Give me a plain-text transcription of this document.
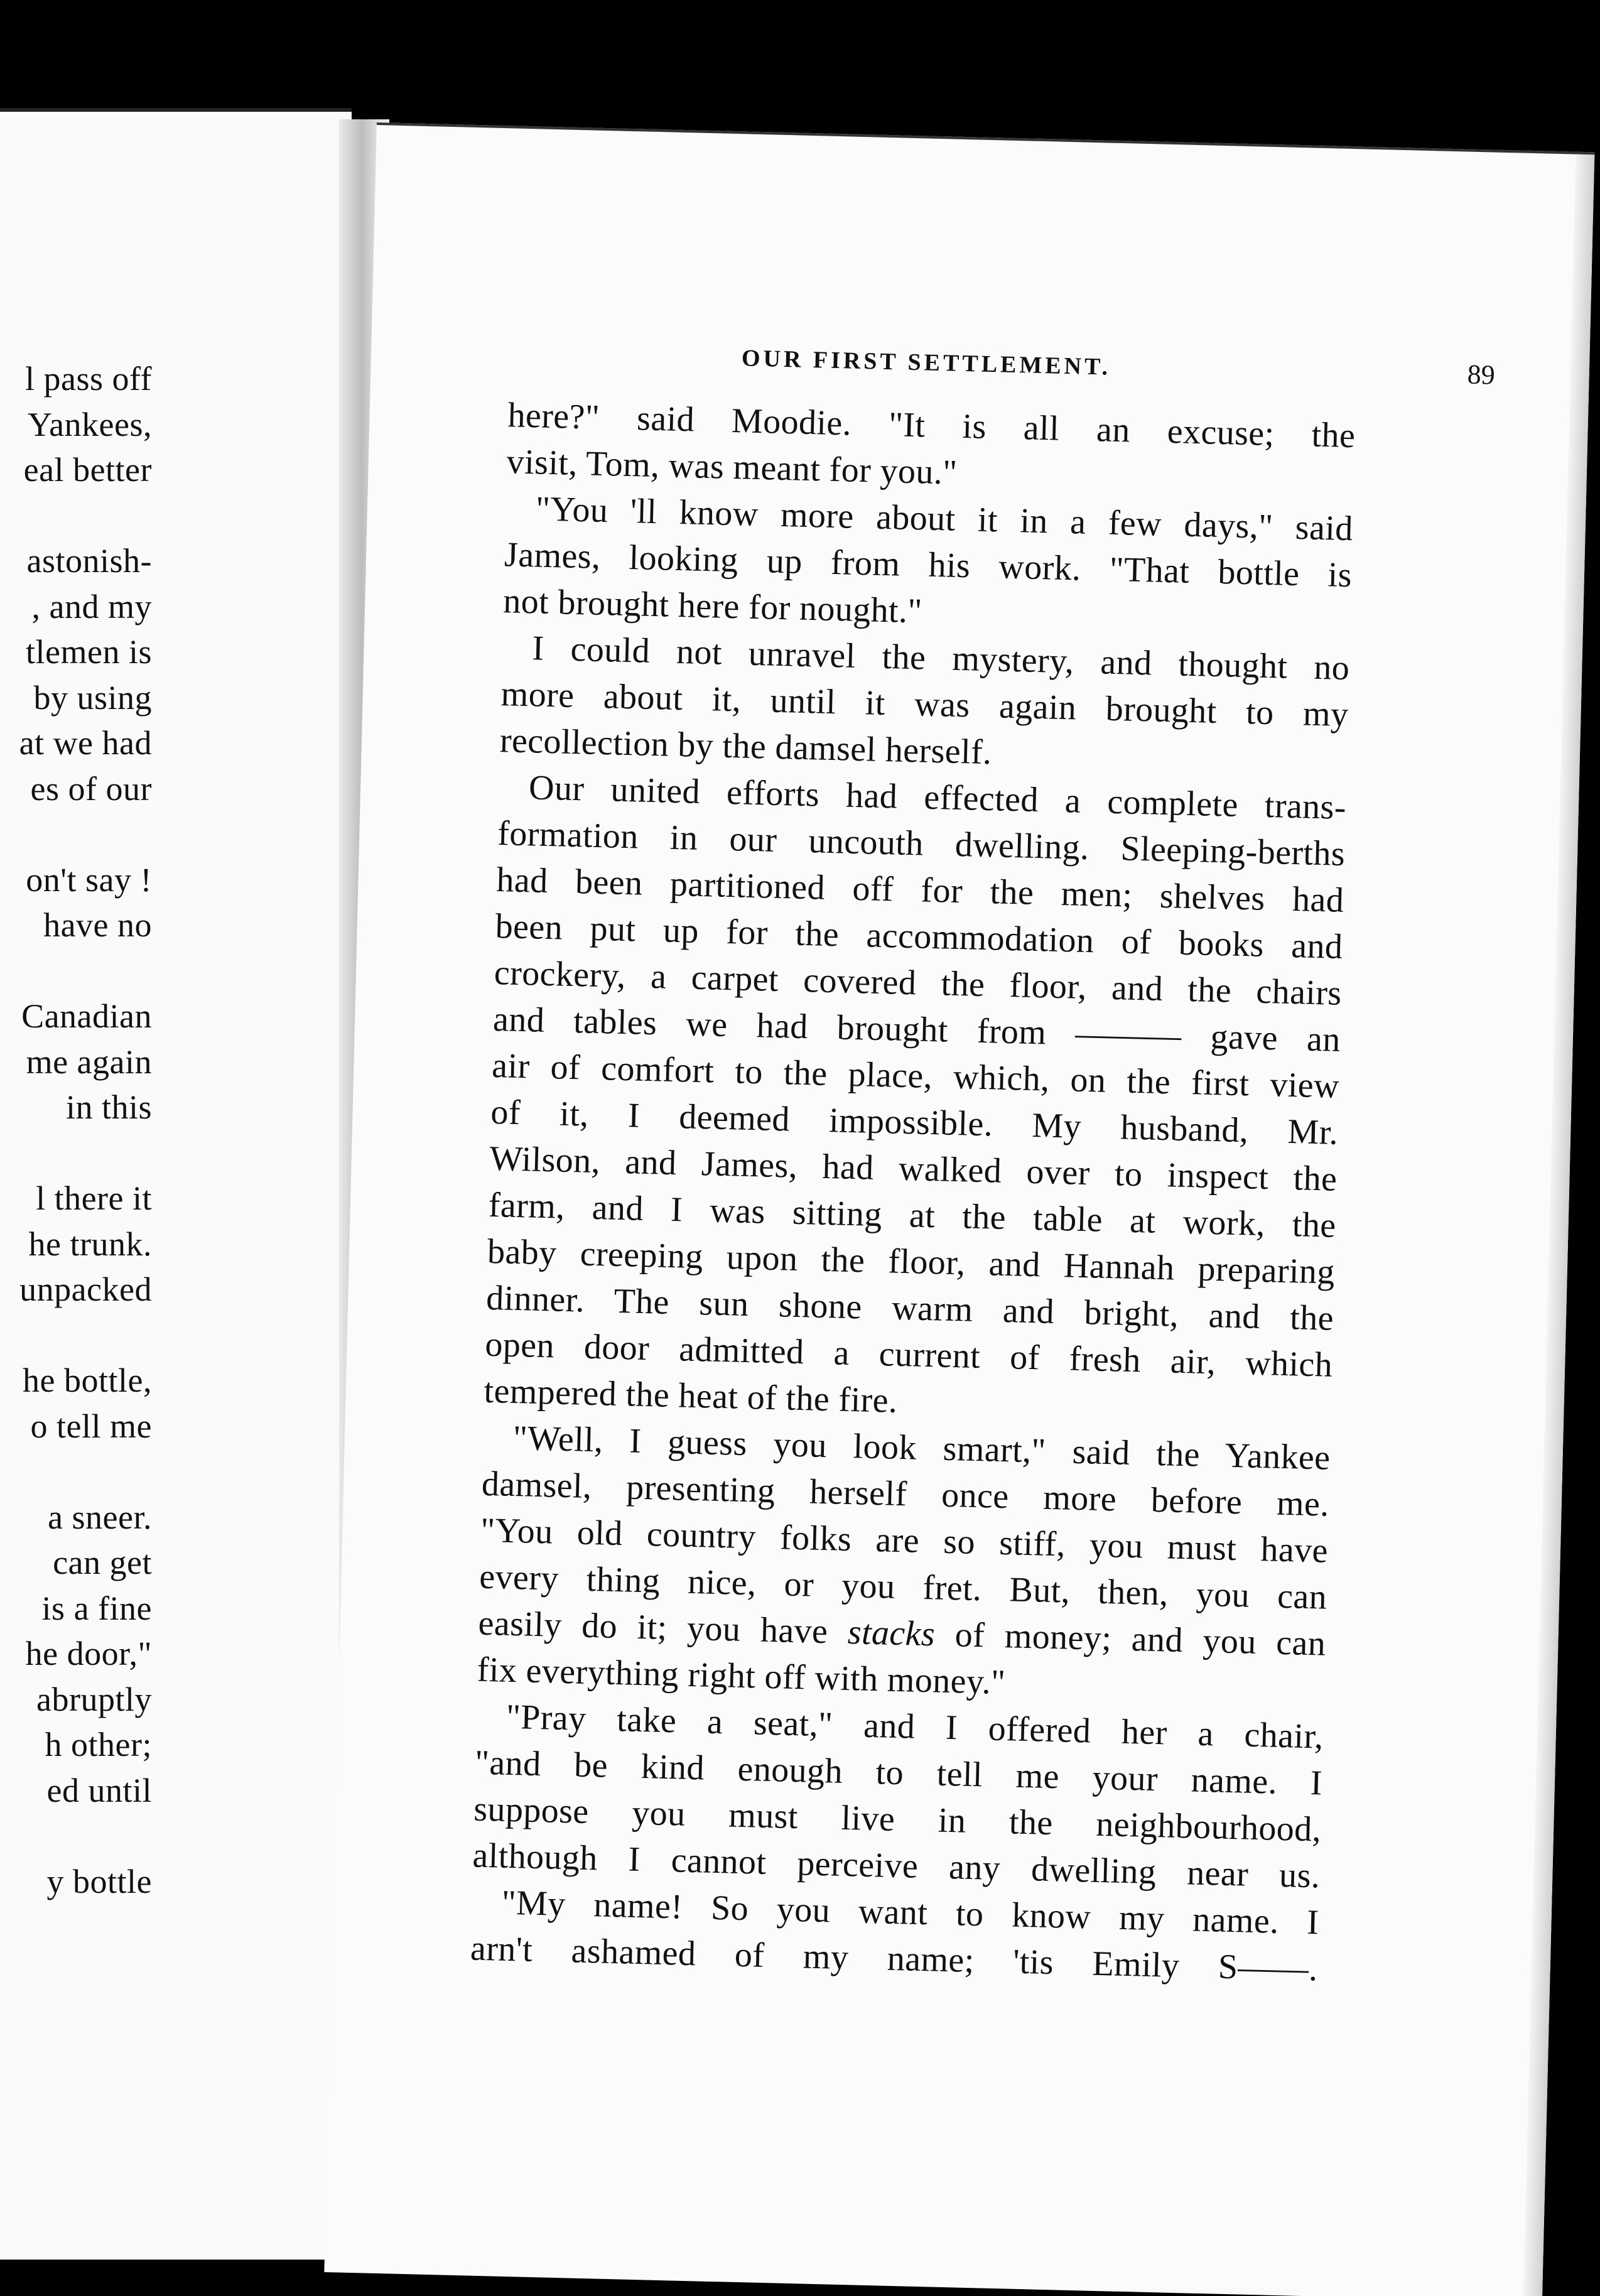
l pass off
Yankees,
eal better
astonish-
, and my
tlemen is
by using
at we had
es of our
on't say !
have no
Canadian
me again
in this
l there it
he trunk.
unpacked
he bottle,
o tell me
a sneer.
can get
is a fine
he door,"
abruptly
h other;
ed until
y bottle
OUR FIRST SETTLEMENT.	89
here?" said Moodie. "It is all an excuse; the
visit, Tom, was meant for you."
"You 'll know more about it in a few days," said
James, looking up from his work. "That bottle is
not brought here for nought."
I could not unravel the mystery, and thought no
more about it, until it was again brought to my
recollection by the damsel herself.
Our united efforts had effected a complete trans-
formation in our uncouth dwelling. Sleeping-berths
had been partitioned off for the men; shelves had
been put up for the accommodation of books and
crockery, a carpet covered the floor, and the chairs
and tables we had brought from ——— gave an
air of comfort to the place, which, on the first view
of it, I deemed impossible. My husband, Mr.
Wilson, and James, had walked over to inspect the
farm, and I was sitting at the table at work, the
baby creeping upon the floor, and Hannah preparing
dinner. The sun shone warm and bright, and the
open door admitted a current of fresh air, which
tempered the heat of the fire.
"Well, I guess you look smart," said the Yankee
damsel, presenting herself once more before me.
"You old country folks are so stiff, you must have
every thing nice, or you fret. But, then, you can
easily do it; you have stacks of money; and you can
fix everything right off with money."
"Pray take a seat," and I offered her a chair,
"and be kind enough to tell me your name. I
suppose you must live in the neighbourhood,
although I cannot perceive any dwelling near us.
"My name! So you want to know my name. I
arn't ashamed of my name; 'tis Emily S——.
